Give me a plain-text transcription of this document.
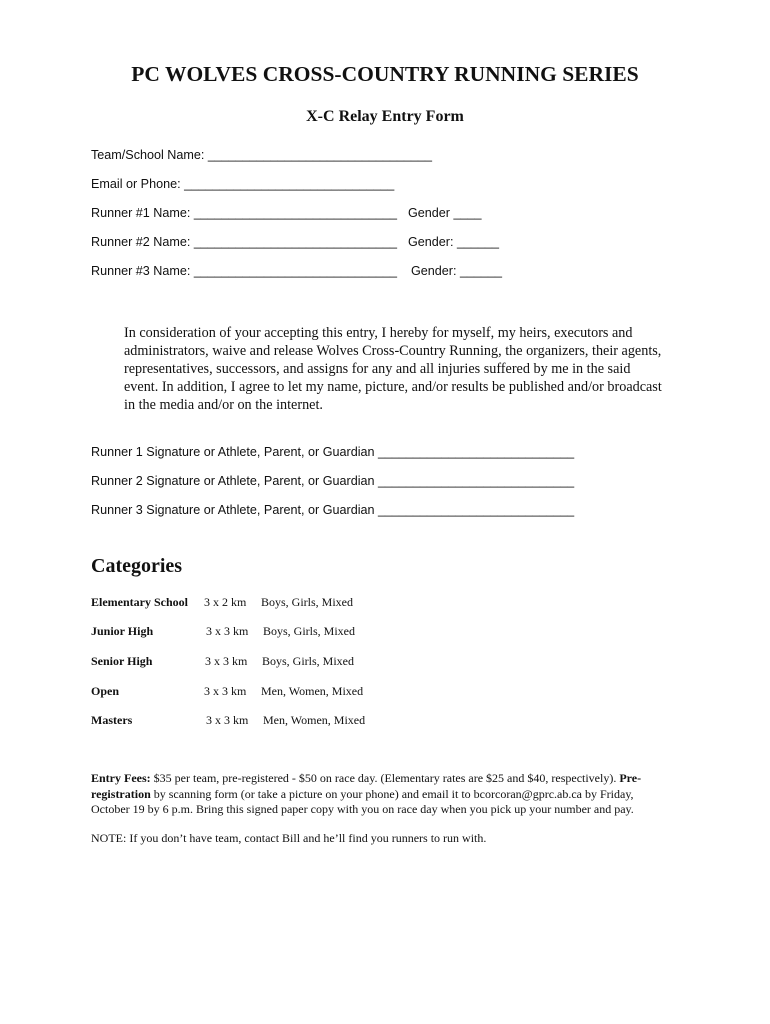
PC WOLVES CROSS-COUNTRY RUNNING SERIES
X-C Relay Entry Form
Team/School Name: ________________________________
Email or Phone: ______________________________
Runner #1 Name: _____________________________ Gender ____
Runner #2 Name: _____________________________ Gender: ______
Runner #3 Name: _____________________________ Gender: ______
In consideration of your accepting this entry, I hereby for myself, my heirs, executors and administrators, waive and release Wolves Cross-Country Running, the organizers, their agents, representatives, successors, and assigns for any and all injuries suffered by me in the said event. In addition, I agree to let my name, picture, and/or results be published and/or broadcast in the media and/or on the internet.
Runner 1 Signature or Athlete, Parent, or Guardian ____________________________
Runner 2 Signature or Athlete, Parent, or Guardian ____________________________
Runner 3 Signature or Athlete, Parent, or Guardian ____________________________
Categories
Elementary School 3 x 2 km Boys, Girls, Mixed
Junior High	3 x 3 km Boys, Girls, Mixed
Senior High	3 x 3 km Boys, Girls, Mixed
Open	3 x 3 km Men, Women, Mixed
Masters	3 x 3 km Men, Women, Mixed
Entry Fees: $35 per team, pre-registered - $50 on race day. (Elementary rates are $25 and $40, respectively). Pre-registration by scanning form (or take a picture on your phone) and email it to bcorcoran@gprc.ab.ca by Friday, October 19 by 6 p.m. Bring this signed paper copy with you on race day when you pick up your number and pay.
NOTE: If you don’t have team, contact Bill and he’ll find you runners to run with.
